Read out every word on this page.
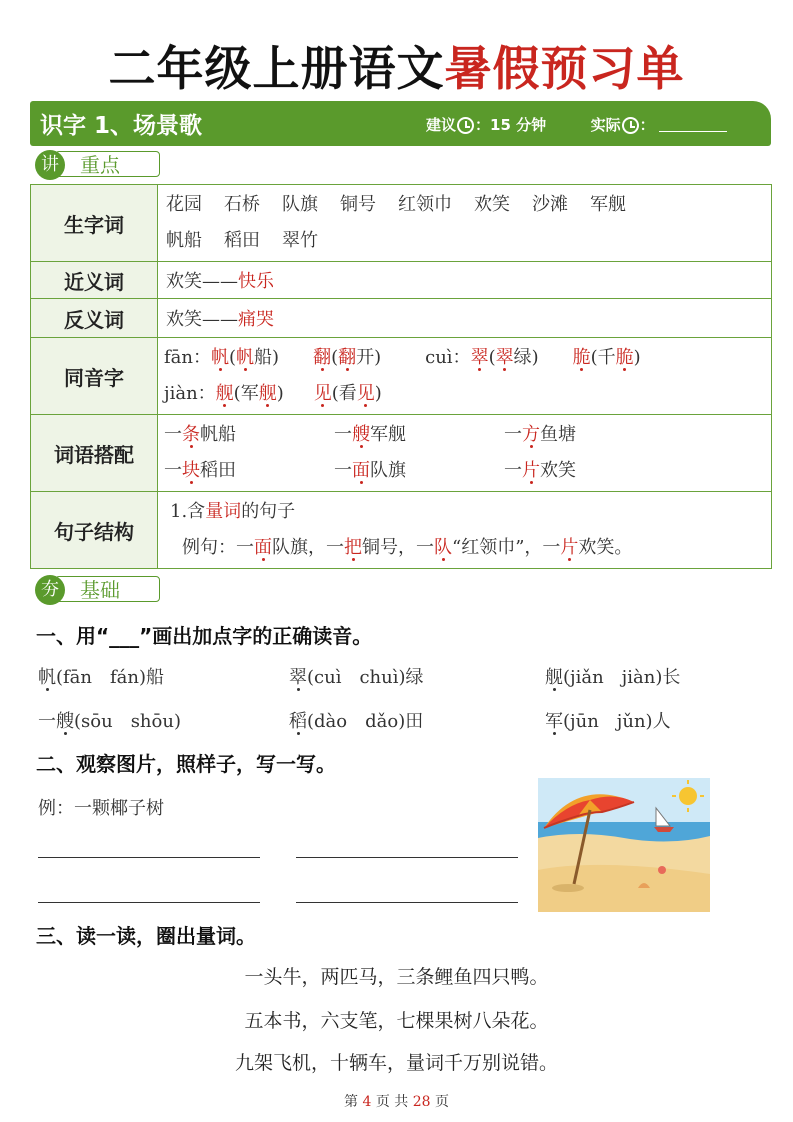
二年级上册语文暑假预习单
识字 1、场景歌	建议 ：15 分钟	实际 ：
讲	重点
生字词	花园 石桥 队旗 铜号 红领巾 欢笑 沙滩 军舰
帆船 稻田 翠竹

近义词	欢笑——快乐
反义词	欢笑——痛哭
同音字	fān：帆(帆船) 翻(翻开) cuì：翠(翠绿) 脆(千脆)
jiàn：舰(军舰) 见(看见)

词语搭配	一条帆船 一艘军舰 一方鱼塘
一块稻田 一面队旗 一片欢笑

句子结构	1.含量词的句子
例句：一面队旗，一把铜号，一队“红领巾”，一片欢笑。
夯	基础
一、用“___”画出加点字的正确读音。
帆(fān　fán)船	翠(cuì　chuì)绿	舰(jiǎn　jiàn)长
一艘(sōu　shōu)	稻(dào　dǎo)田	军(jūn　jǔn)人
二、观察图片，照样子，写一写。
例：一颗椰子树
三、读一读，圈出量词。
一头牛，两匹马，三条鲤鱼四只鸭。
五本书，六支笔，七棵果树八朵花。
九架飞机，十辆车，量词千万别说错。
第 4 页 共 28 页
